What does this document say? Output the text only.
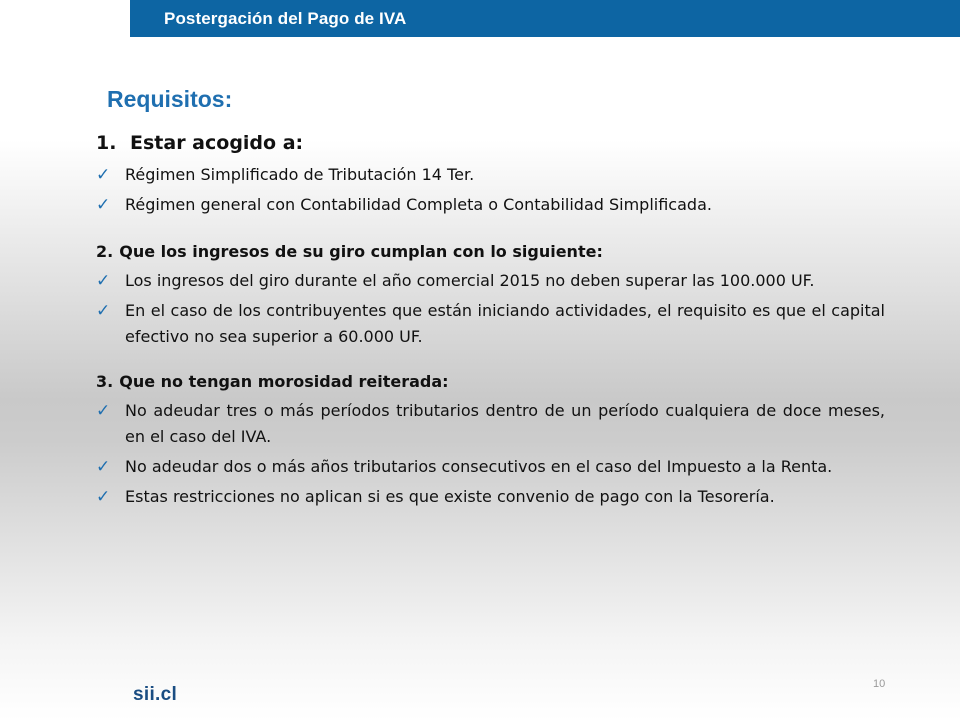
Postergación del Pago de IVA
Requisitos:
1. Estar acogido a:
✓ Régimen Simplificado de Tributación 14 Ter.
✓ Régimen general con Contabilidad Completa o Contabilidad Simplificada.
2. Que los ingresos de su giro cumplan con lo siguiente:
✓ Los ingresos del giro durante el año comercial 2015 no deben superar las 100.000 UF.
✓ En el caso de los contribuyentes que están iniciando actividades, el requisito es que el capital efectivo no sea superior a 60.000 UF.
3. Que no tengan morosidad reiterada:
✓ No adeudar tres o más períodos tributarios dentro de un período cualquiera de doce meses, en el caso del IVA.
✓ No adeudar dos o más años tributarios consecutivos en el caso del Impuesto a la Renta.
✓ Estas restricciones no aplican si es que existe convenio de pago con la Tesorería.
10
sii.cl
